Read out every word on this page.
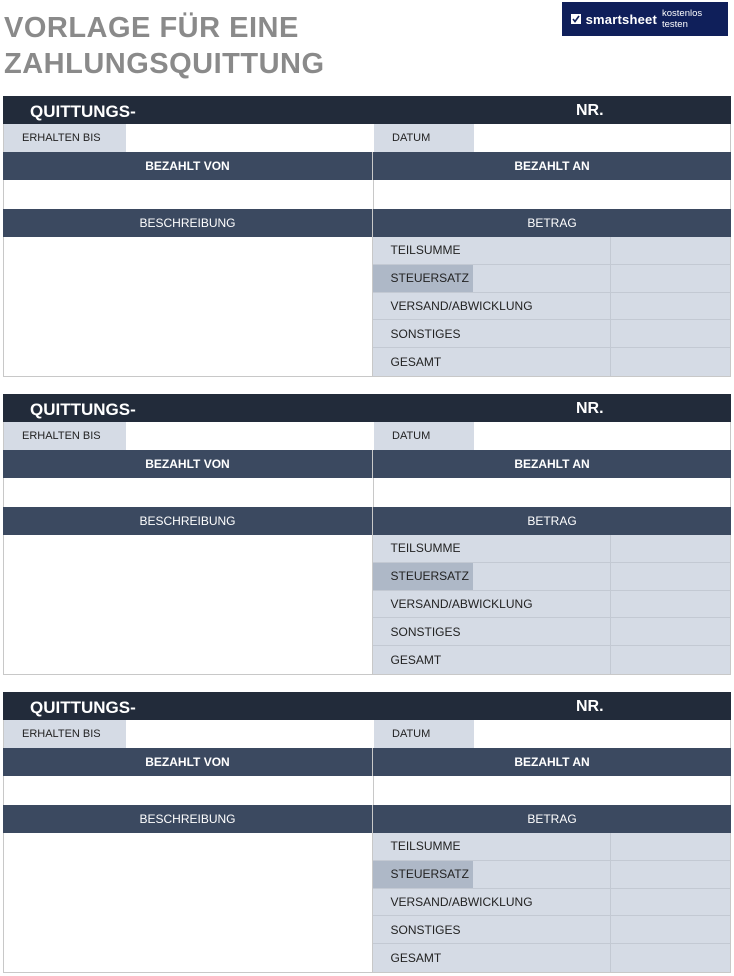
VORLAGE FÜR EINE
ZAHLUNGSQUITTUNG
smartsheet kostenlos testen
QUITTUNGS-	NR.
ERHALTEN BIS	DATUM
BEZAHLT VON	BEZAHLT AN
BESCHREIBUNG	BETRAG
TEILSUMME
STEUERSATZ
VERSAND/ABWICKLUNG
SONSTIGES
GESAMT
QUITTUNGS-	NR.
ERHALTEN BIS	DATUM
BEZAHLT VON	BEZAHLT AN
BESCHREIBUNG	BETRAG
TEILSUMME
STEUERSATZ
VERSAND/ABWICKLUNG
SONSTIGES
GESAMT
QUITTUNGS-	NR.
ERHALTEN BIS	DATUM
BEZAHLT VON	BEZAHLT AN
BESCHREIBUNG	BETRAG
TEILSUMME
STEUERSATZ
VERSAND/ABWICKLUNG
SONSTIGES
GESAMT
